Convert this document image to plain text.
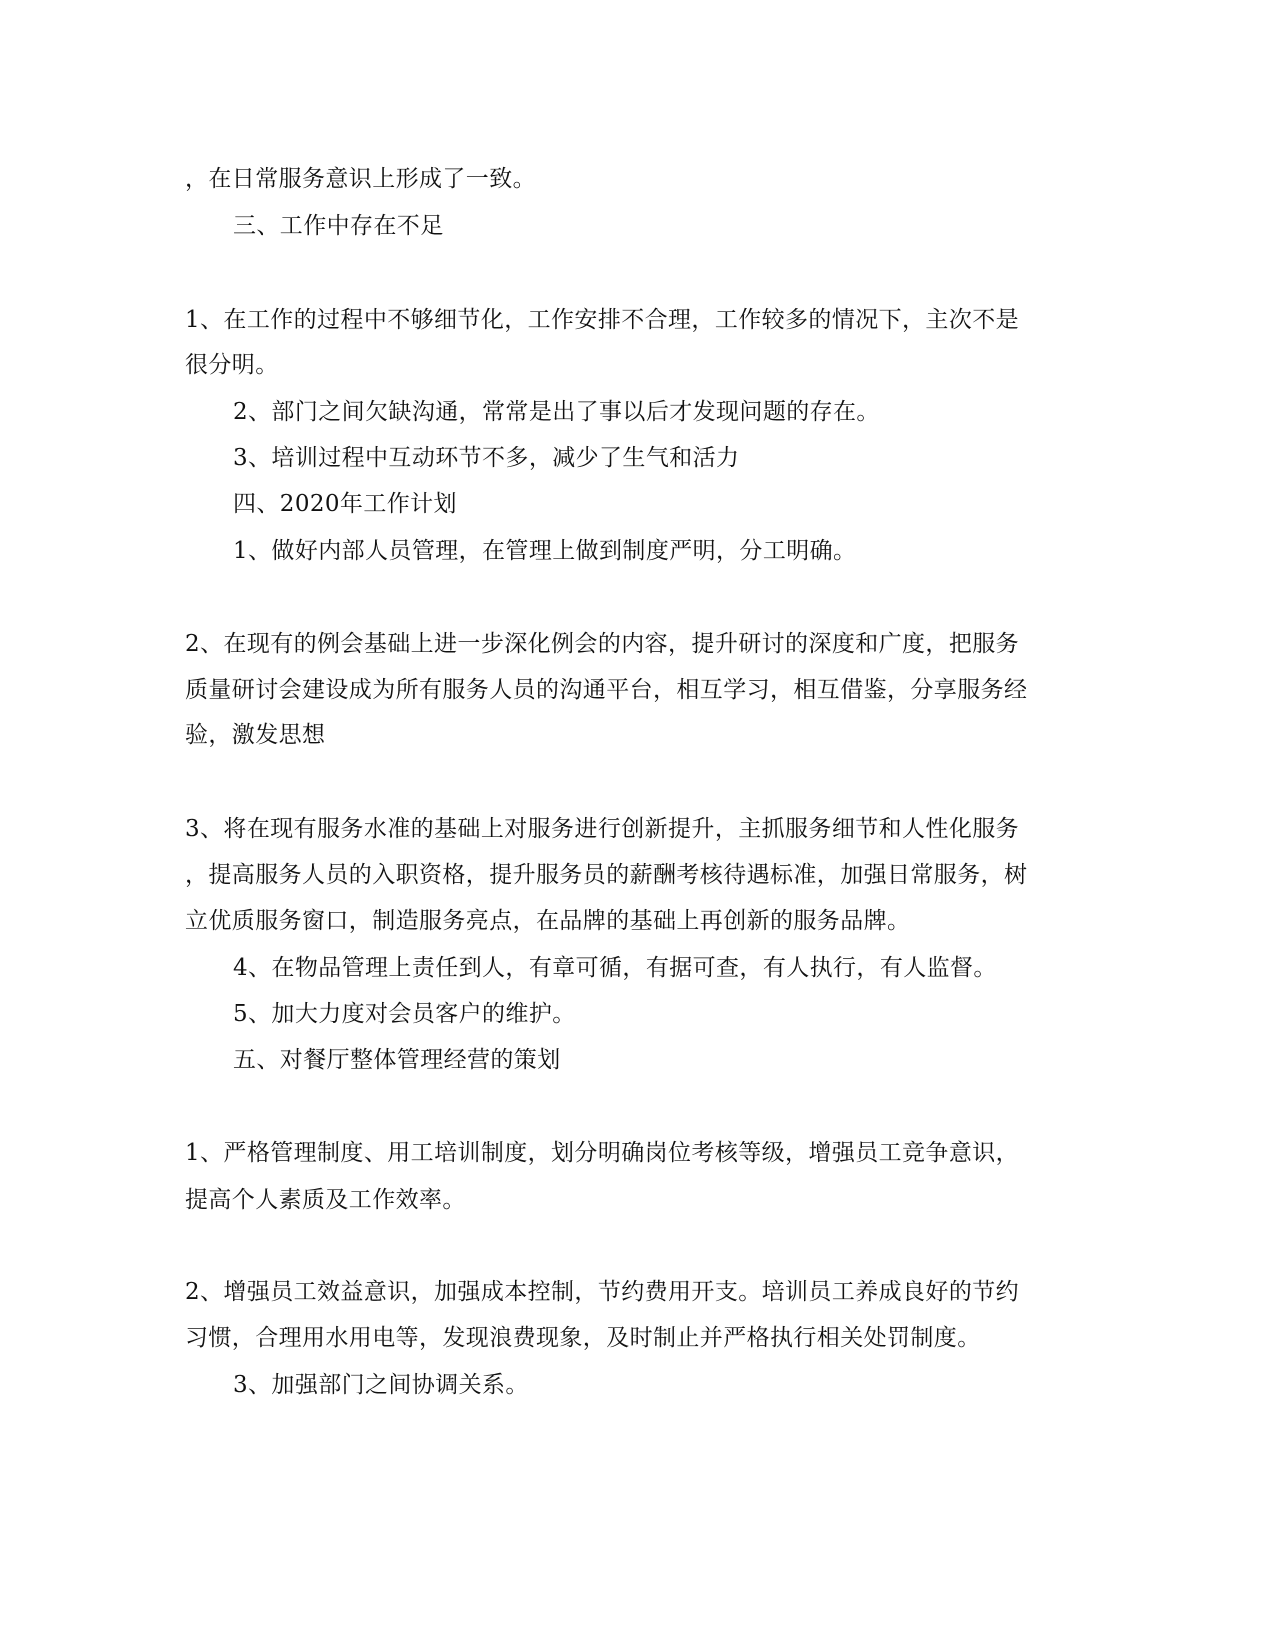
，在日常服务意识上形成了一致。
三、工作中存在不足
1、在工作的过程中不够细节化，工作安排不合理，工作较多的情况下，主次不是
很分明。
2、部门之间欠缺沟通，常常是出了事以后才发现问题的存在。
3、培训过程中互动环节不多，减少了生气和活力
四、2020年工作计划
1、做好内部人员管理，在管理上做到制度严明，分工明确。
2、在现有的例会基础上进一步深化例会的内容，提升研讨的深度和广度，把服务
质量研讨会建设成为所有服务人员的沟通平台，相互学习，相互借鉴，分享服务经
验，激发思想
3、将在现有服务水准的基础上对服务进行创新提升，主抓服务细节和人性化服务
，提高服务人员的入职资格，提升服务员的薪酬考核待遇标准，加强日常服务，树
立优质服务窗口，制造服务亮点，在品牌的基础上再创新的服务品牌。
4、在物品管理上责任到人，有章可循，有据可查，有人执行，有人监督。
5、加大力度对会员客户的维护。
五、对餐厅整体管理经营的策划
1、严格管理制度、用工培训制度，划分明确岗位考核等级，增强员工竞争意识，
提高个人素质及工作效率。
2、增强员工效益意识，加强成本控制，节约费用开支。培训员工养成良好的节约
习惯，合理用水用电等，发现浪费现象，及时制止并严格执行相关处罚制度。
3、加强部门之间协调关系。
